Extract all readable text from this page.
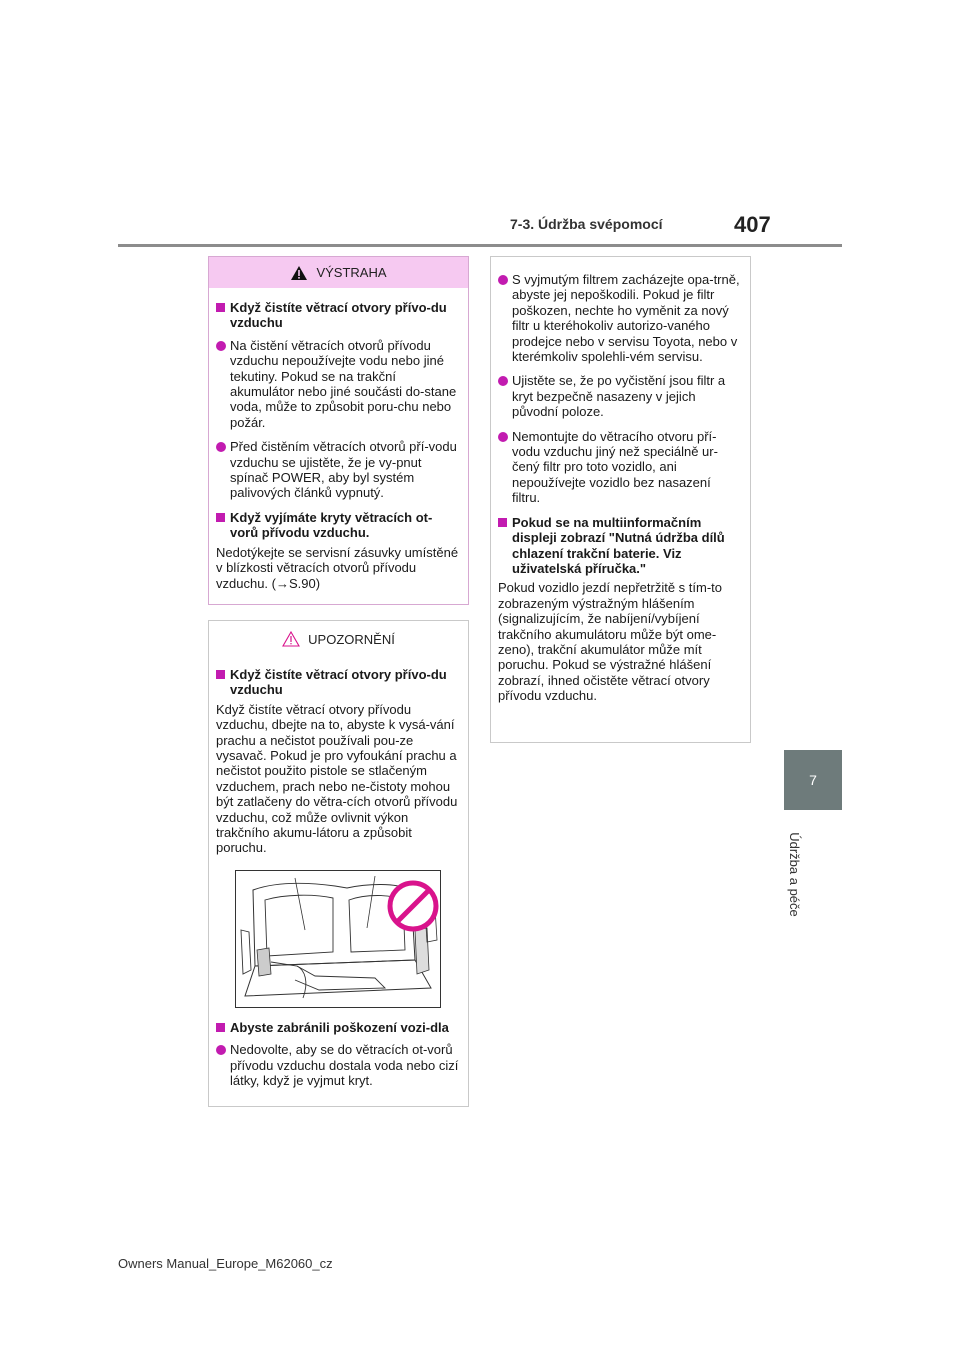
7-3. Údržba svépomocí	407
7
Údržba a péče
VÝSTRAHA
Když čistíte větrací otvory přívo-du vzduchu
Na čistění větracích otvorů přívodu vzduchu nepoužívejte vodu nebo jiné tekutiny. Pokud se na trakční akumulátor nebo jiné součásti do-stane voda, může to způsobit poru-chu nebo požár.
Před čistěním větracích otvorů pří-vodu vzduchu se ujistěte, že je vy-pnut spínač POWER, aby byl systém palivových článků vypnutý.
Když vyjímáte kryty větracích ot-vorů přívodu vzduchu.
Nedotýkejte se servisní zásuvky umístěné v blízkosti větracích otvorů přívodu vzduchu. (→S.90)
UPOZORNĚNÍ
Když čistíte větrací otvory přívo-du vzduchu
Když čistíte větrací otvory přívodu vzduchu, dbejte na to, abyste k vysá-vání prachu a nečistot používali pou-ze vysavač. Pokud je pro vyfoukání prachu a nečistot použito pistole se stlačeným vzduchem, prach nebo ne-čistoty mohou být zatlačeny do větra-cích otvorů přívodu vzduchu, což může ovlivnit výkon trakčního akumu-látoru a způsobit poruchu.
Abyste zabránili poškození vozi-dla
Nedovolte, aby se do větracích ot-vorů přívodu vzduchu dostala voda nebo cizí látky, když je vyjmut kryt.
S vyjmutým filtrem zacházejte opa-trně, abyste jej nepoškodili. Pokud je filtr poškozen, nechte ho vyměnit za nový filtr u kteréhokoliv autorizo-vaného prodejce nebo v servisu Toyota, nebo v kterémkoliv spolehli-vém servisu.
Ujistěte se, že po vyčistění jsou filtr a kryt bezpečně nasazeny v jejich původní poloze.
Nemontujte do větracího otvoru pří-vodu vzduchu jiný než speciálně ur-čený filtr pro toto vozidlo, ani nepoužívejte vozidlo bez nasazení filtru.
Pokud se na multiinformačním displeji zobrazí "Nutná údržba dílů chlazení trakční baterie. Viz uživatelská příručka."
Pokud vozidlo jezdí nepřetržitě s tím-to zobrazeným výstražným hlášením (signalizujícím, že nabíjení/vybíjení trakčního akumulátoru může být ome-zeno), trakční akumulátor může mít poruchu. Pokud se výstražné hlášení zobrazí, ihned očistěte větrací otvory přívodu vzduchu.
Owners Manual_Europe_M62060_cz
